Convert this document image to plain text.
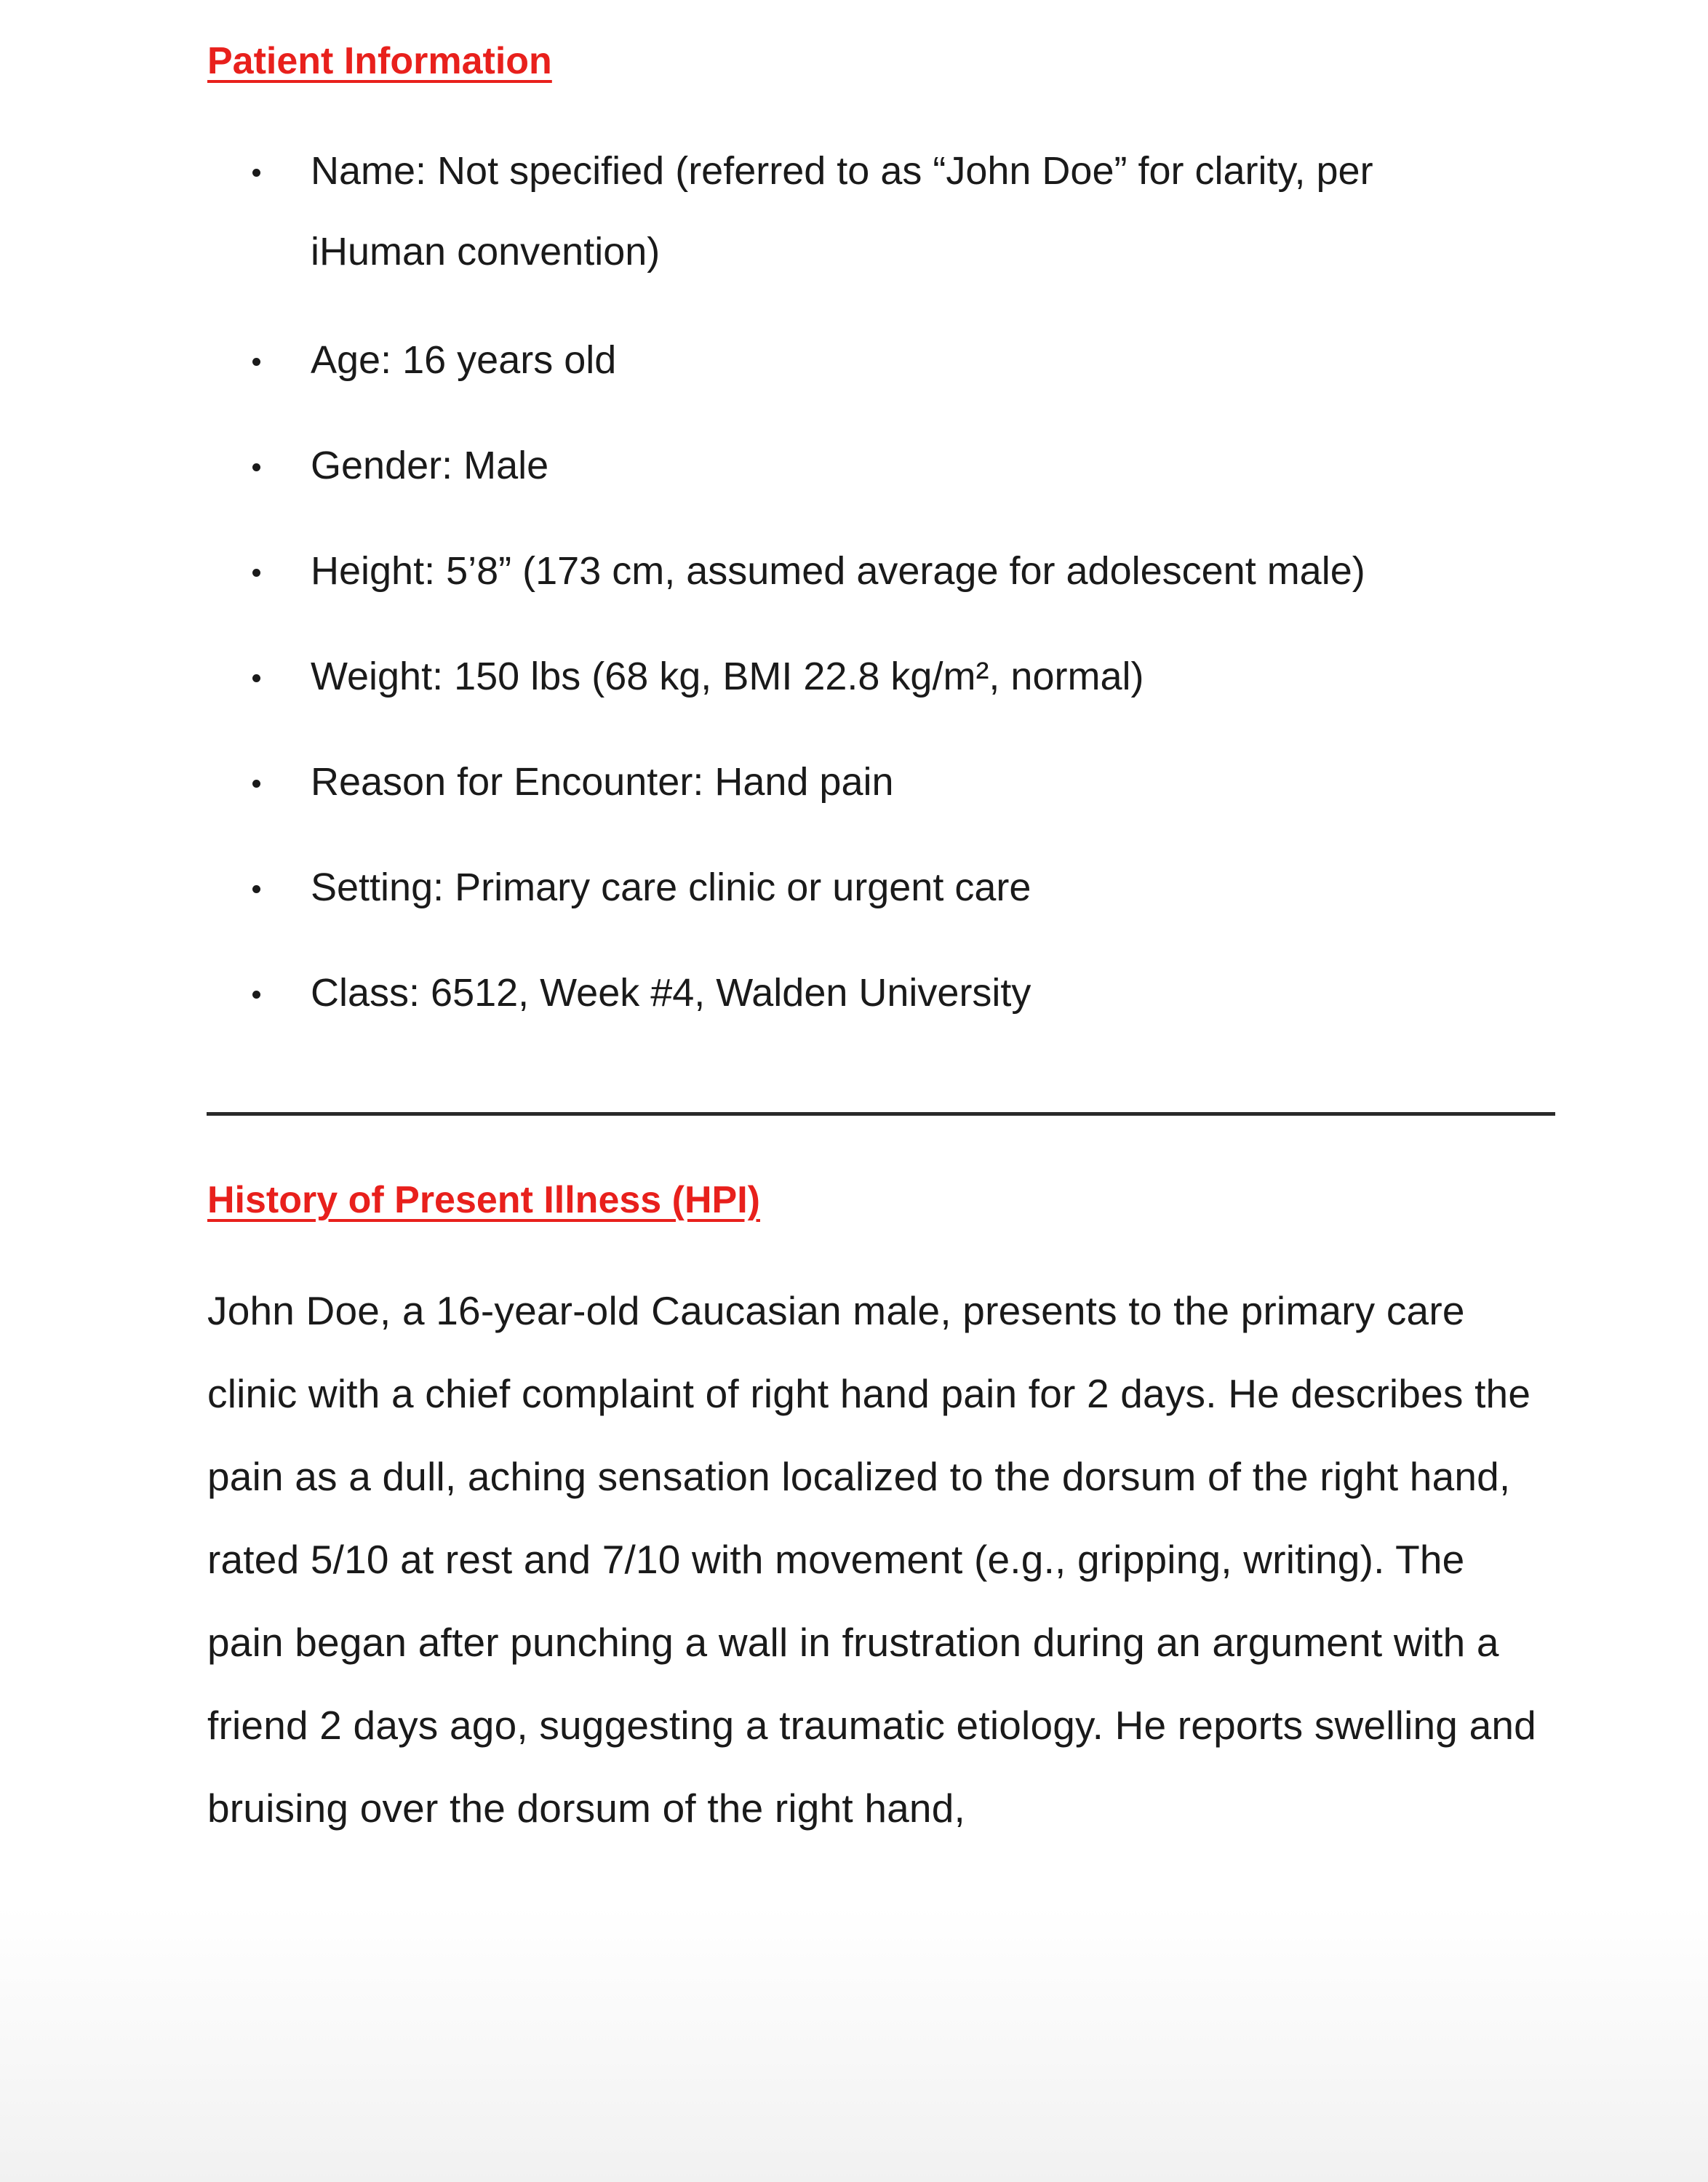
Patient Information
Name: Not specified (referred to as “John Doe” for clarity, per iHuman convention)
Age: 16 years old
Gender: Male
Height: 5’8” (173 cm, assumed average for adolescent male)
Weight: 150 lbs (68 kg, BMI 22.8 kg/m², normal)
Reason for Encounter: Hand pain
Setting: Primary care clinic or urgent care
Class: 6512, Week #4, Walden University
History of Present Illness (HPI)

John Doe, a 16-year-old Caucasian male, presents to the primary care clinic with a chief complaint of right hand pain for 2 days. He describes the pain as a dull, aching sensation localized to the dorsum of the right hand, rated 5/10 at rest and 7/10 with movement (e.g., gripping, writing). The pain began after punching a wall in frustration during an argument with a friend 2 days ago, suggesting a traumatic etiology. He reports swelling and bruising over the dorsum of the right hand,
